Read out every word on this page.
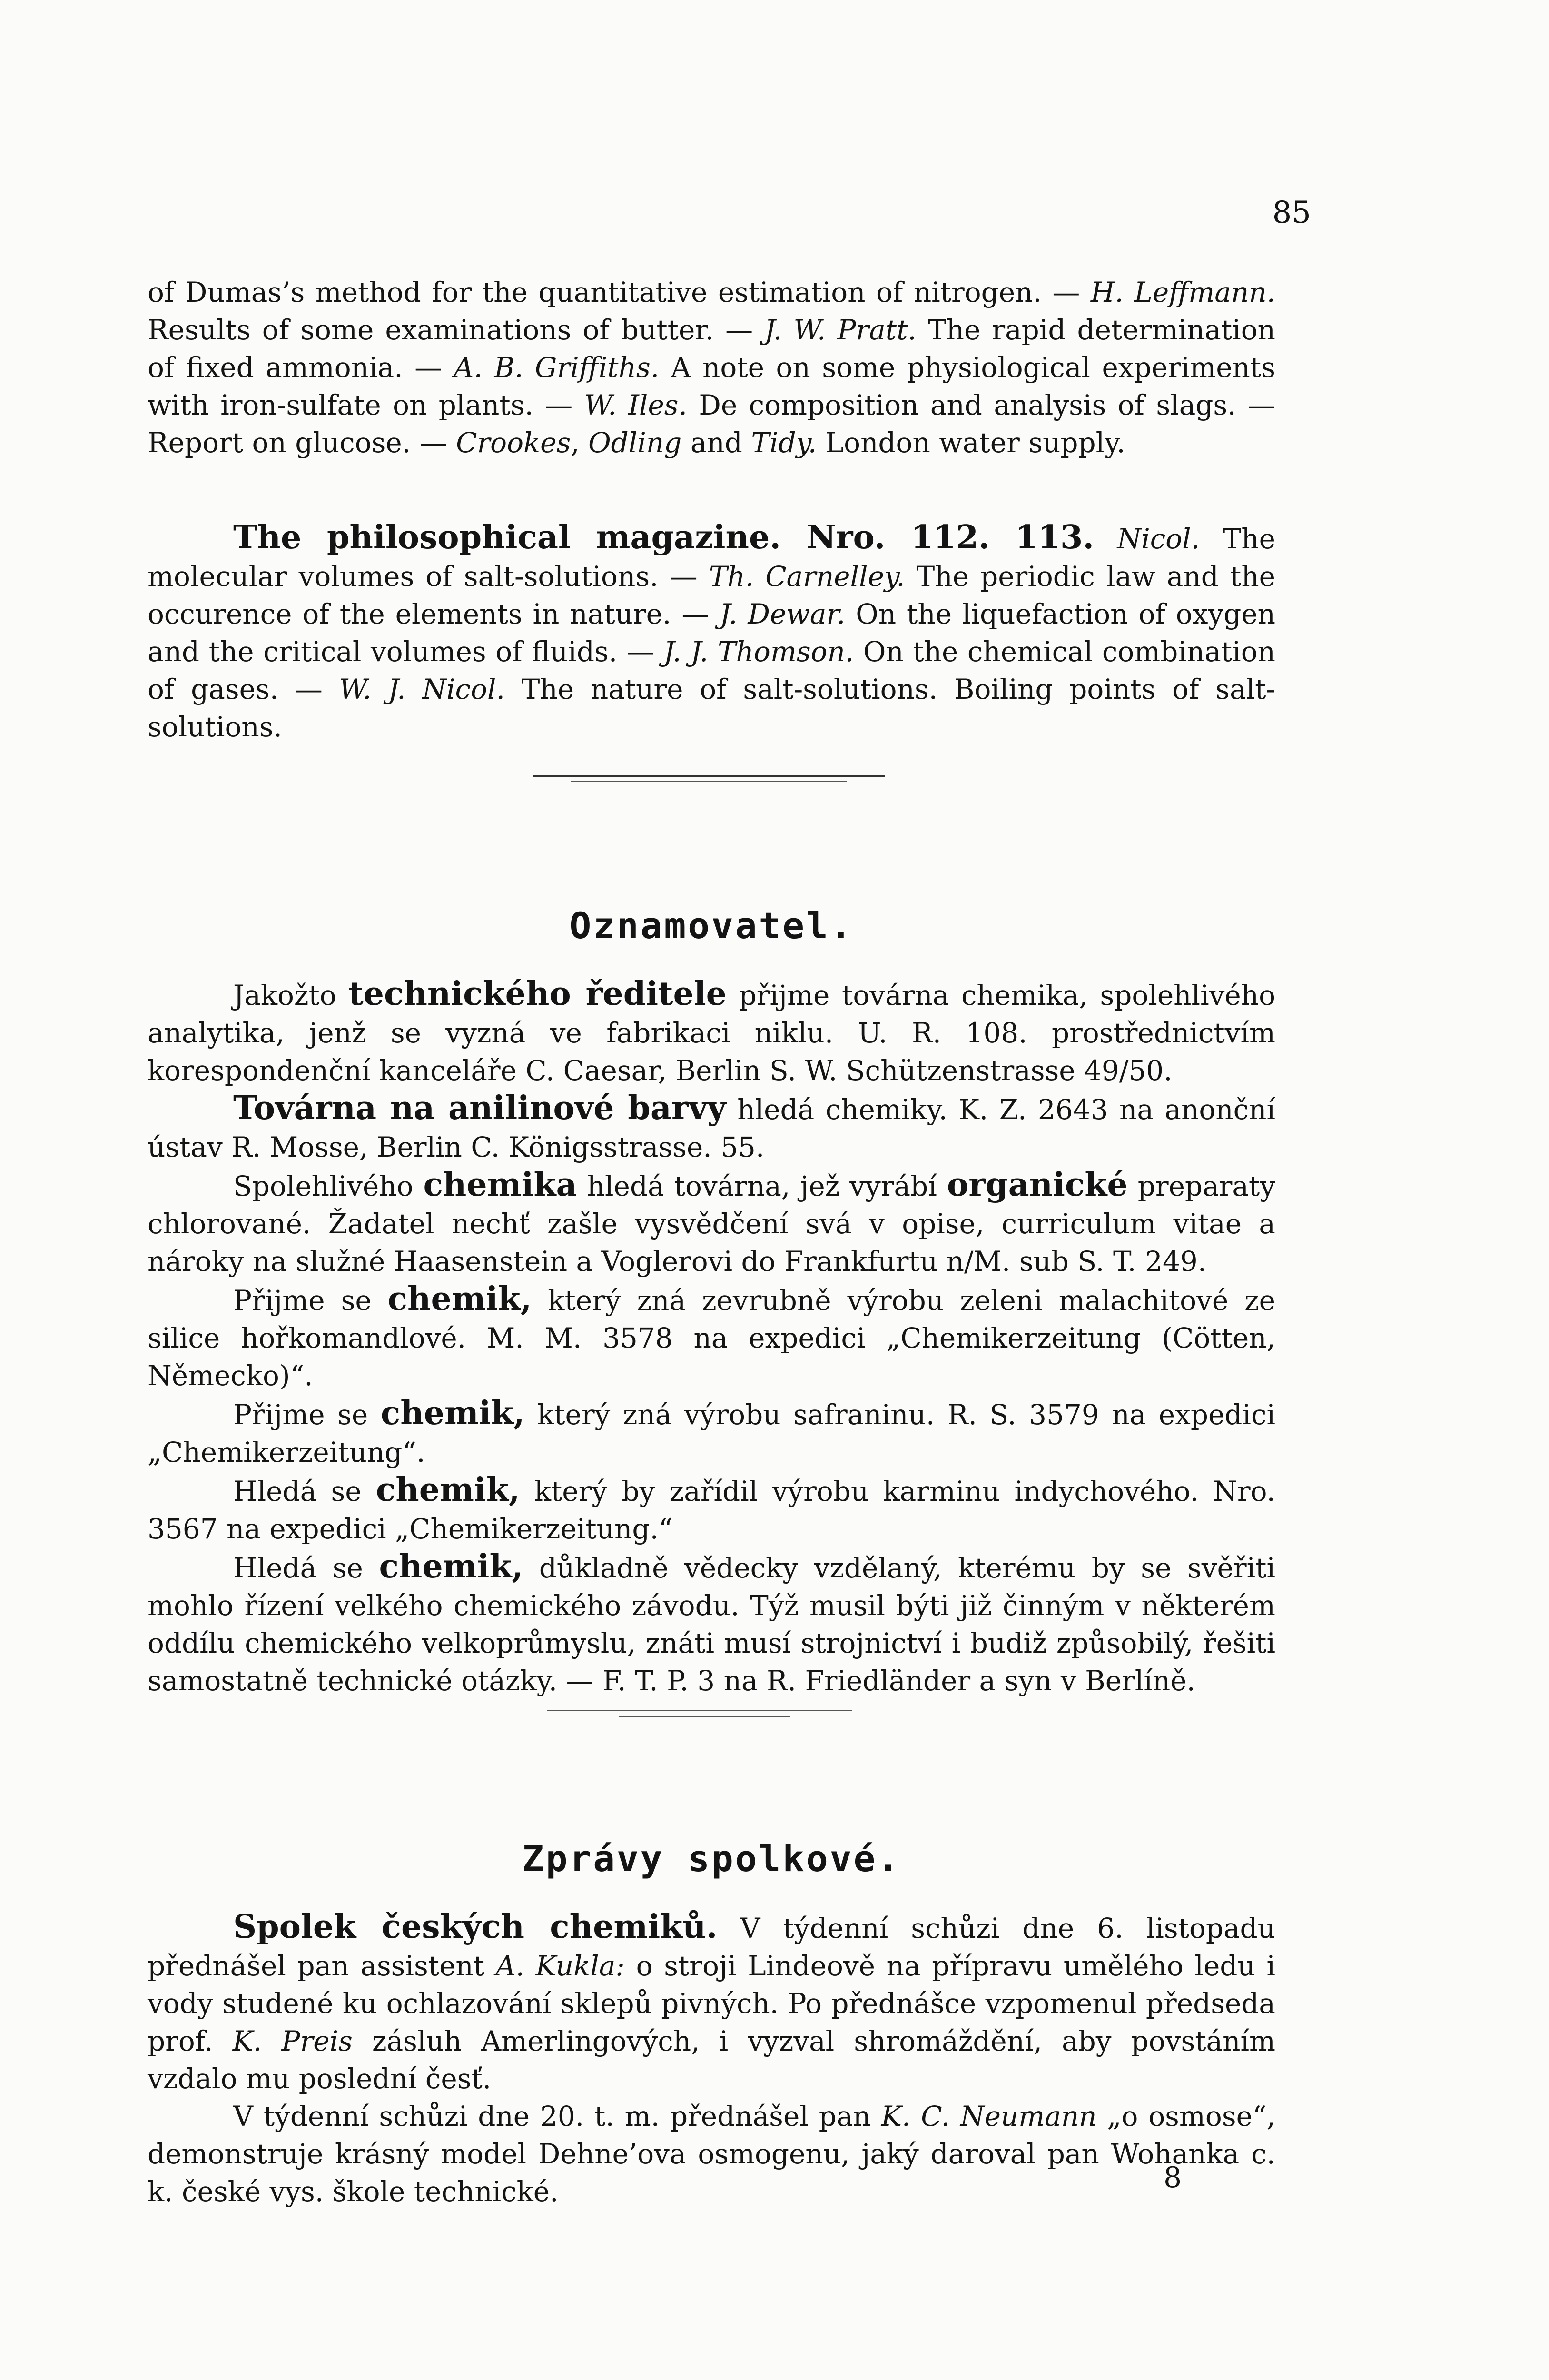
85

of Dumas’s method for the quantitative estimation of nitrogen. — H. Leffmann. Results of some examinations of butter. — J. W. Pratt. The rapid determination of fixed ammonia. — A. B. Griffiths. A note on some physiological experiments with iron-sulfate on plants. — W. Iles. De composition and analysis of slags. — Report on glucose. — Crookes, Odling and Tidy. London water supply.

The philosophical magazine. Nro. 112. 113. Nicol. The molecular volumes of salt-solutions. — Th. Carnelley. The periodic law and the occurence of the elements in nature. — J. Dewar. On the liquefaction of oxygen and the critical volumes of fluids. — J. J. Thomson. On the chemical combination of gases. — W. J. Nicol. The nature of salt-solutions. Boiling points of salt-solutions.

Oznamovatel.

Jakožto technického ředitele přijme továrna chemika, spolehlivého analytika, jenž se vyzná ve fabrikaci niklu. U. R. 108. prostřednictvím korespondenční kanceláře C. Caesar, Berlin S. W. Schützenstrasse 49/50.

Továrna na anilinové barvy hledá chemiky. K. Z. 2643 na anonční ústav R. Mosse, Berlin C. Königsstrasse. 55.

Spolehlivého chemika hledá továrna, jež vyrábí organické preparaty chlorované. Žadatel nechť zašle vysvědčení svá v opise, curriculum vitae a nároky na služné Haasenstein a Voglerovi do Frankfurtu n/M. sub S. T. 249.

Přijme se chemik, který zná zevrubně výrobu zeleni malachitové ze silice hořkomandlové. M. M. 3578 na expedici „Chemikerzeitung (Cötten, Německo)“.

Přijme se chemik, který zná výrobu safraninu. R. S. 3579 na expedici „Chemikerzeitung“.

Hledá se chemik, který by zařídil výrobu karminu indychového. Nro. 3567 na expedici „Chemikerzeitung.“

Hledá se chemik, důkladně vědecky vzdělaný, kterému by se svěřiti mohlo řízení velkého chemického závodu. Týž musil býti již činným v některém oddílu chemického velkoprůmyslu, znáti musí strojnictví i budiž způsobilý, řešiti samostatně technické otázky. — F. T. P. 3 na R. Friedländer a syn v Berlíně.

Zprávy spolkové.

Spolek českých chemiků. V týdenní schůzi dne 6. listopadu přednášel pan assistent A. Kukla: o stroji Lindeově na přípravu umělého ledu i vody studené ku ochlazování sklepů pivných. Po přednášce vzpomenul předseda prof. K. Preis zásluh Amerlingových, i vyzval shromáždění, aby povstáním vzdalo mu poslední česť.

V týdenní schůzi dne 20. t. m. přednášel pan K. C. Neumann „o osmose“, demonstruje krásný model Dehne’ova osmogenu, jaký daroval pan Wohanka c. k. české vys. škole technické.	8
